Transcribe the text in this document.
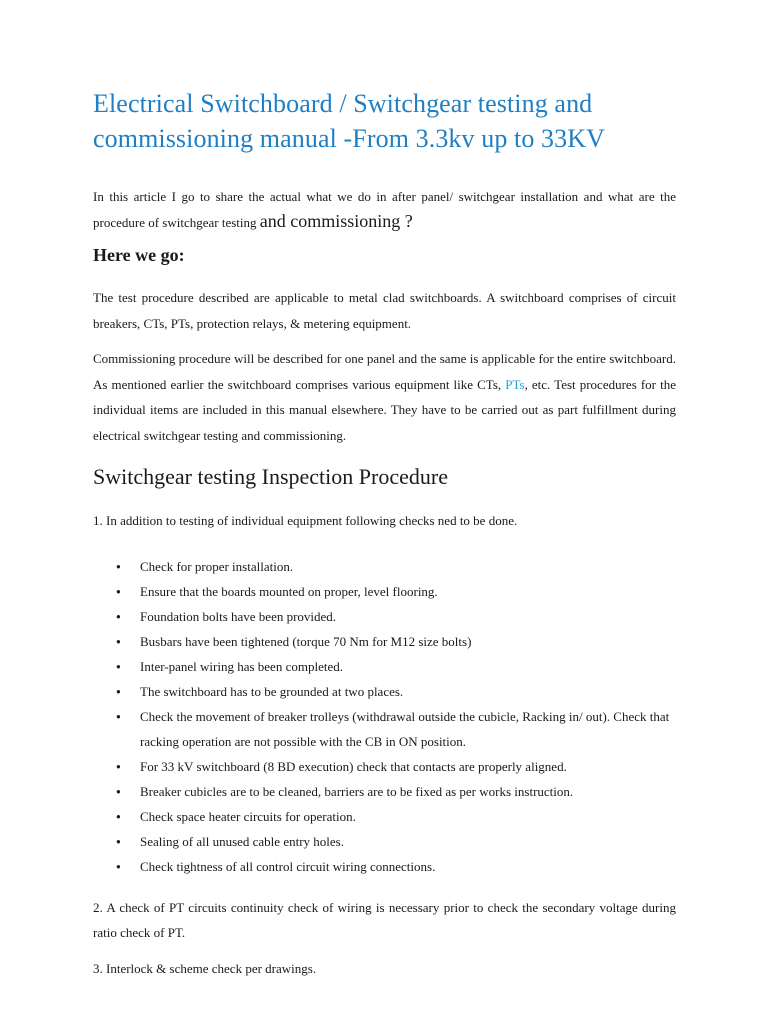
Electrical Switchboard / Switchgear testing and commissioning manual -From 3.3kv up to 33KV

In this article I go to share the actual what we do in after panel/ switchgear installation and what are the procedure of switchgear testing and commissioning ?

Here we go:

The test procedure described are applicable to metal clad switchboards. A switchboard comprises of circuit breakers, CTs, PTs, protection relays, & metering equipment.

Commissioning procedure will be described for one panel and the same is applicable for the entire switchboard. As mentioned earlier the switchboard comprises various equipment like CTs, PTs, etc. Test procedures for the individual items are included in this manual elsewhere. They have to be carried out as part fulfillment during electrical switchgear testing and commissioning.

Switchgear testing Inspection Procedure

1. In addition to testing of individual equipment following checks ned to be done.

● Check for proper installation.
● Ensure that the boards mounted on proper, level flooring.
● Foundation bolts have been provided.
● Busbars have been tightened (torque 70 Nm for M12 size bolts)
● Inter-panel wiring has been completed.
● The switchboard has to be grounded at two places.
● Check the movement of breaker trolleys (withdrawal outside the cubicle, Racking in/ out). Check that racking operation are not possible with the CB in ON position.
● For 33 kV switchboard (8 BD execution) check that contacts are properly aligned.
● Breaker cubicles are to be cleaned, barriers are to be fixed as per works instruction.
● Check space heater circuits for operation.
● Sealing of all unused cable entry holes.
● Check tightness of all control circuit wiring connections.

2. A check of PT circuits continuity check of wiring is necessary prior to check the secondary voltage during ratio check of PT.

3. Interlock & scheme check per drawings.
